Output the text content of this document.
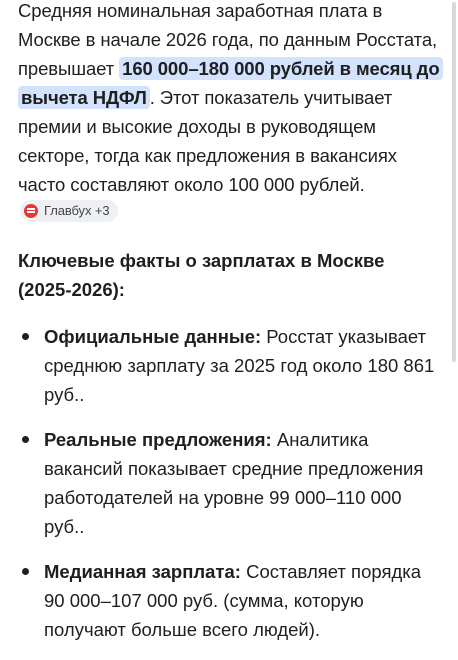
Средняя номинальная заработная плата в Москве в начале 2026 года, по данным Росстата, превышает 160 000–180 000 рублей в месяц до вычета НДФЛ . Этот показатель учитывает премии и высокие доходы в руководящем секторе, тогда как предложения в вакансиях часто составляют около 100 000 рублей.
Главбух +3

Ключевые факты о зарплатах в Москве (2025-2026):

Официальные данные: Росстат указывает среднюю зарплату за 2025 год около 180 861 руб..
Реальные предложения: Аналитика вакансий показывает средние предложения работодателей на уровне 99 000–110 000 руб..
Медианная зарплата: Составляет порядка 90 000–107 000 руб. (сумма, которую получают больше всего людей).
